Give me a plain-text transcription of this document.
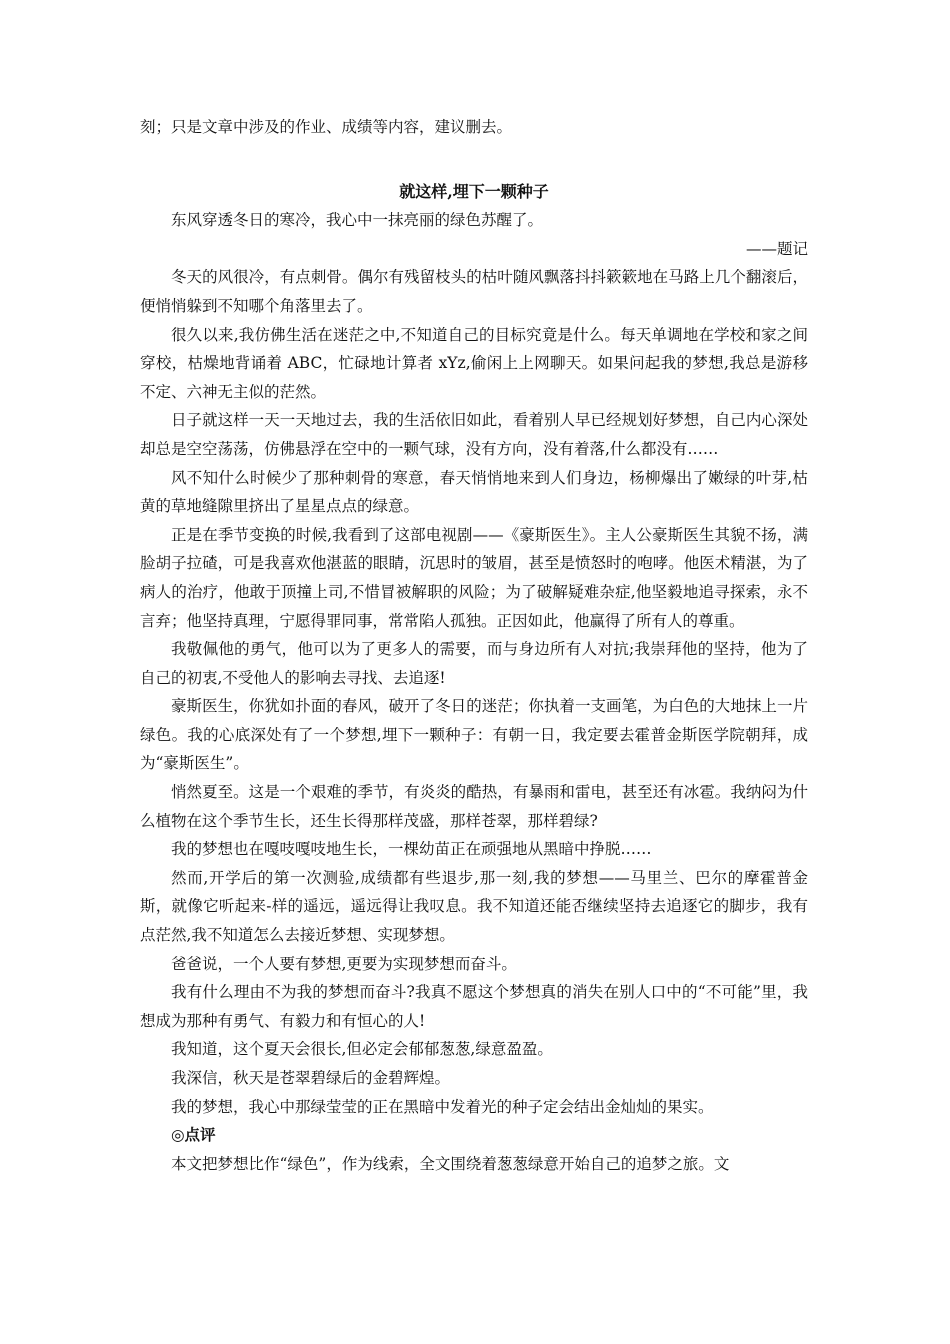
刻；只是文章中涉及的作业、成绩等内容，建议删去。

就这样,埋下一颗种子

东风穿透冬日的寒冷，我心中一抹亮丽的绿色苏醒了。

——题记

冬天的风很冷，有点刺骨。偶尔有残留枝头的枯叶随风飘落抖抖簌簌地在马路上几个翻滚后，便悄悄躲到不知哪个角落里去了。

很久以来,我仿佛生活在迷茫之中,不知道自己的目标究竟是什么。每天单调地在学校和家之间穿校，枯燥地背诵着 ABC，忙碌地计算者 xYz,偷闲上上网聊天。如果问起我的梦想,我总是游移不定、六神无主似的茫然。

日子就这样一天一天地过去，我的生活依旧如此，看着别人早已经规划好梦想，自己内心深处却总是空空荡荡，仿佛悬浮在空中的一颗气球，没有方向，没有着落,什么都没有……

风不知什么时候少了那种刺骨的寒意，春天悄悄地来到人们身边，杨柳爆出了嫩绿的叶芽,枯黄的草地缝隙里挤出了星星点点的绿意。

正是在季节变换的时候,我看到了这部电视剧——《豪斯医生》。主人公豪斯医生其貌不扬，满脸胡子拉碴，可是我喜欢他湛蓝的眼睛，沉思时的皱眉，甚至是愤怒时的咆哮。他医术精湛，为了病人的治疗，他敢于顶撞上司,不惜冒被解职的风险；为了破解疑难杂症,他坚毅地追寻探索，永不言弃；他坚持真理，宁愿得罪同事，常常陷人孤独。正因如此，他赢得了所有人的尊重。

我敬佩他的勇气，他可以为了更多人的需要，而与身边所有人对抗;我崇拜他的坚持，他为了自己的初衷,不受他人的影响去寻找、去追逐!

豪斯医生，你犹如扑面的春风，破开了冬日的迷茫；你执着一支画笔，为白色的大地抹上一片绿色。我的心底深处有了一个梦想,埋下一颗种子：有朝一日，我定要去霍普金斯医学院朝拜，成为“豪斯医生”。

悄然夏至。这是一个艰难的季节，有炎炎的酷热，有暴雨和雷电，甚至还有冰雹。我纳闷为什么植物在这个季节生长，还生长得那样茂盛，那样苍翠，那样碧绿?

我的梦想也在嘎吱嘎吱地生长，一棵幼苗正在顽强地从黑暗中挣脱……

然而,开学后的第一次测验,成绩都有些退步,那一刻,我的梦想——马里兰、巴尔的摩霍普金斯，就像它听起来-样的遥远，遥远得让我叹息。我不知道还能否继续坚持去追逐它的脚步，我有点茫然,我不知道怎么去接近梦想、实现梦想。

爸爸说，一个人要有梦想,更要为实现梦想而奋斗。

我有什么理由不为我的梦想而奋斗?我真不愿这个梦想真的消失在别人口中的“不可能”里，我想成为那种有勇气、有毅力和有恒心的人!

我知道，这个夏天会很长,但必定会郁郁葱葱,绿意盈盈。

我深信，秋天是苍翠碧绿后的金碧辉煌。

我的梦想，我心中那绿莹莹的正在黑暗中发着光的种子定会结出金灿灿的果实。

◎点评

本文把梦想比作“绿色”，作为线索，全文围绕着葱葱绿意开始自己的追梦之旅。文
